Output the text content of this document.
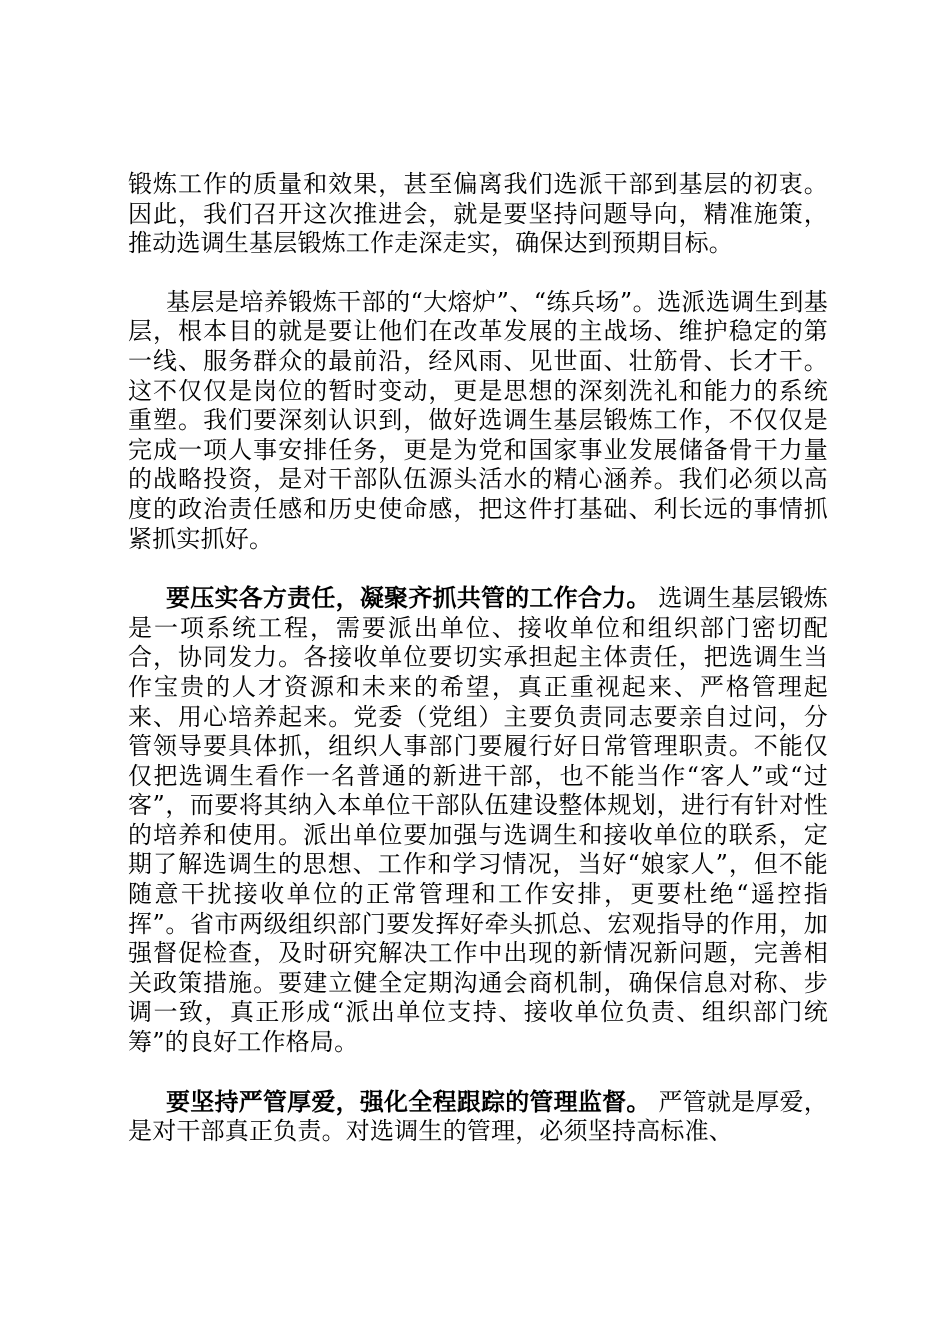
锻炼工作的质量和效果，甚至偏离我们选派干部到基层的初衷。因此，我们召开这次推进会，就是要坚持问题导向，精准施策，推动选调生基层锻炼工作走深走实，确保达到预期目标。

基层是培养锻炼干部的“大熔炉”、“练兵场”。选派选调生到基层，根本目的就是要让他们在改革发展的主战场、维护稳定的第一线、服务群众的最前沿，经风雨、见世面、壮筋骨、长才干。这不仅仅是岗位的暂时变动，更是思想的深刻洗礼和能力的系统重塑。我们要深刻认识到，做好选调生基层锻炼工作，不仅仅是完成一项人事安排任务，更是为党和国家事业发展储备骨干力量的战略投资，是对干部队伍源头活水的精心涵养。我们必须以高度的政治责任感和历史使命感，把这件打基础、利长远的事情抓紧抓实抓好。

要压实各方责任，凝聚齐抓共管的工作合力。 选调生基层锻炼是一项系统工程，需要派出单位、接收单位和组织部门密切配合，协同发力。各接收单位要切实承担起主体责任，把选调生当作宝贵的人才资源和未来的希望，真正重视起来、严格管理起来、用心培养起来。党委（党组）主要负责同志要亲自过问，分管领导要具体抓，组织人事部门要履行好日常管理职责。不能仅仅把选调生看作一名普通的新进干部，也不能当作“客人”或“过客”，而要将其纳入本单位干部队伍建设整体规划，进行有针对性的培养和使用。派出单位要加强与选调生和接收单位的联系，定期了解选调生的思想、工作和学习情况，当好“娘家人”，但不能随意干扰接收单位的正常管理和工作安排，更要杜绝“遥控指挥”。省市两级组织部门要发挥好牵头抓总、宏观指导的作用，加强督促检查，及时研究解决工作中出现的新情况新问题，完善相关政策措施。要建立健全定期沟通会商机制，确保信息对称、步调一致，真正形成“派出单位支持、接收单位负责、组织部门统筹”的良好工作格局。

要坚持严管厚爱，强化全程跟踪的管理监督。 严管就是厚爱，是对干部真正负责。对选调生的管理，必须坚持高标准、
